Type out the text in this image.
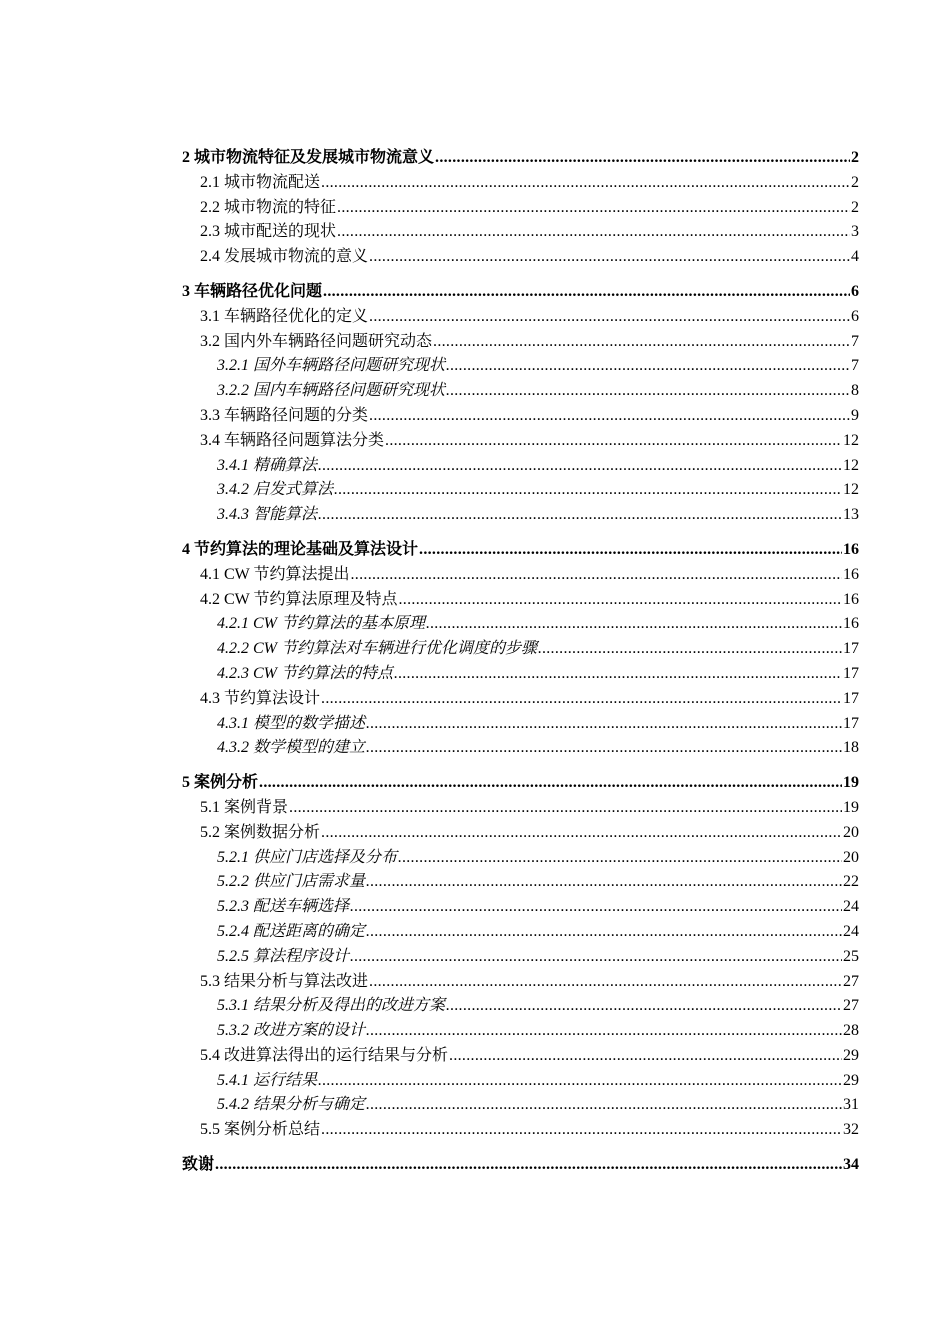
2 城市物流特征及发展城市物流意义 .....	2
2.1 城市物流配送 .....	2
2.2 城市物流的特征 .....	2
2.3 城市配送的现状 .....	3
2.4 发展城市物流的意义 .....	4
3 车辆路径优化问题 .....	6
3.1 车辆路径优化的定义 .....	6
3.2 国内外车辆路径问题研究动态 .....	7
3.2.1 国外车辆路径问题研究现状 .....	7
3.2.2 国内车辆路径问题研究现状 .....	8
3.3 车辆路径问题的分类 .....	9
3.4 车辆路径问题算法分类 .....	12
3.4.1 精确算法 .....	12
3.4.2 启发式算法 .....	12
3.4.3 智能算法 .....	13
4 节约算法的理论基础及算法设计 .....	16
4.1 CW 节约算法提出 .....	16
4.2 CW 节约算法原理及特点 .....	16
4.2.1 CW 节约算法的基本原理 .....	16
4.2.2 CW 节约算法对车辆进行优化调度的步骤 .....	17
4.2.3 CW 节约算法的特点 .....	17
4.3 节约算法设计 .....	17
4.3.1 模型的数学描述 .....	17
4.3.2 数学模型的建立 .....	18
5 案例分析 .....	19
5.1 案例背景 .....	19
5.2 案例数据分析 .....	20
5.2.1 供应门店选择及分布 .....	20
5.2.2 供应门店需求量 .....	22
5.2.3 配送车辆选择 .....	24
5.2.4 配送距离的确定 .....	24
5.2.5 算法程序设计 .....	25
5.3 结果分析与算法改进 .....	27
5.3.1 结果分析及得出的改进方案 .....	27
5.3.2 改进方案的设计 .....	28
5.4 改进算法得出的运行结果与分析 .....	29
5.4.1 运行结果 .....	29
5.4.2 结果分析与确定 .....	31
5.5 案例分析总结 .....	32
致谢 .....	34
